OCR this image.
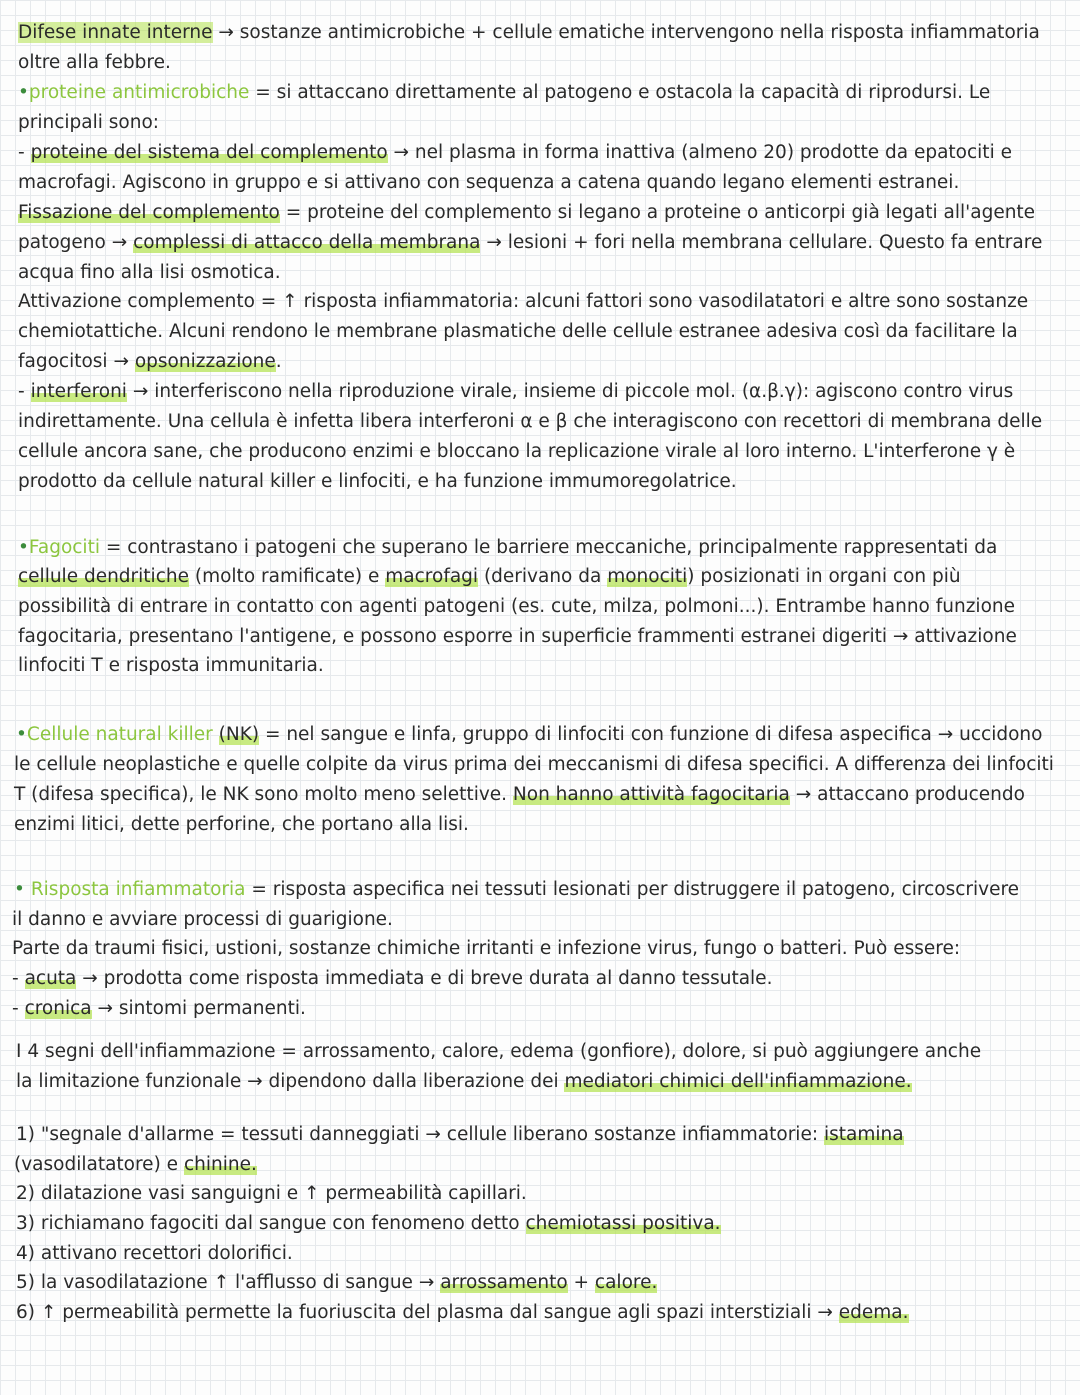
Difese innate interne → sostanze antimicrobiche + cellule ematiche intervengono nella risposta infiammatoria
oltre alla febbre.
•proteine antimicrobiche = si attaccano direttamente al patogeno e ostacola la capacità di riprodursi. Le
principali sono:
- proteine del sistema del complemento → nel plasma in forma inattiva (almeno 20) prodotte da epatociti e
macrofagi. Agiscono in gruppo e si attivano con sequenza a catena quando legano elementi estranei.
Fissazione del complemento = proteine del complemento si legano a proteine o anticorpi già legati all'agente
patogeno → complessi di attacco della membrana → lesioni + fori nella membrana cellulare. Questo fa entrare
acqua fino alla lisi osmotica.
Attivazione complemento = ↑ risposta infiammatoria: alcuni fattori sono vasodilatatori e altre sono sostanze
chemiotattiche. Alcuni rendono le membrane plasmatiche delle cellule estranee adesiva così da facilitare la
fagocitosi → opsonizzazione.
- interferoni → interferiscono nella riproduzione virale, insieme di piccole mol. (α.β.γ): agiscono contro virus
indirettamente. Una cellula è infetta libera interferoni α e β che interagiscono con recettori di membrana delle
cellule ancora sane, che producono enzimi e bloccano la replicazione virale al loro interno. L'interferone γ è
prodotto da cellule natural killer e linfociti, e ha funzione immumoregolatrice.
•Fagociti = contrastano i patogeni che superano le barriere meccaniche, principalmente rappresentati da
cellule dendritiche (molto ramificate) e macrofagi (derivano da monociti) posizionati in organi con più
possibilità di entrare in contatto con agenti patogeni (es. cute, milza, polmoni...). Entrambe hanno funzione
fagocitaria, presentano l'antigene, e possono esporre in superficie frammenti estranei digeriti → attivazione
linfociti T e risposta immunitaria.
•Cellule natural killer (NK) = nel sangue e linfa, gruppo di linfociti con funzione di difesa aspecifica → uccidono
le cellule neoplastiche e quelle colpite da virus prima dei meccanismi di difesa specifici. A differenza dei linfociti
T (difesa specifica), le NK sono molto meno selettive. Non hanno attività fagocitaria → attaccano producendo
enzimi litici, dette perforine, che portano alla lisi.
• Risposta infiammatoria = risposta aspecifica nei tessuti lesionati per distruggere il patogeno, circoscrivere
il danno e avviare processi di guarigione.
Parte da traumi fisici, ustioni, sostanze chimiche irritanti e infezione virus, fungo o batteri. Può essere:
- acuta → prodotta come risposta immediata e di breve durata al danno tessutale.
- cronica → sintomi permanenti.
I 4 segni dell'infiammazione = arrossamento, calore, edema (gonfiore), dolore, si può aggiungere anche
la limitazione funzionale → dipendono dalla liberazione dei mediatori chimici dell'infiammazione.
1) "segnale d'allarme = tessuti danneggiati → cellule liberano sostanze infiammatorie: istamina
(vasodilatatore) e chinine.
2) dilatazione vasi sanguigni e ↑ permeabilità capillari.
3) richiamano fagociti dal sangue con fenomeno detto chemiotassi positiva.
4) attivano recettori dolorifici.
5) la vasodilatazione ↑ l'afflusso di sangue → arrossamento + calore.
6) ↑ permeabilità permette la fuoriuscita del plasma dal sangue agli spazi interstiziali → edema.
